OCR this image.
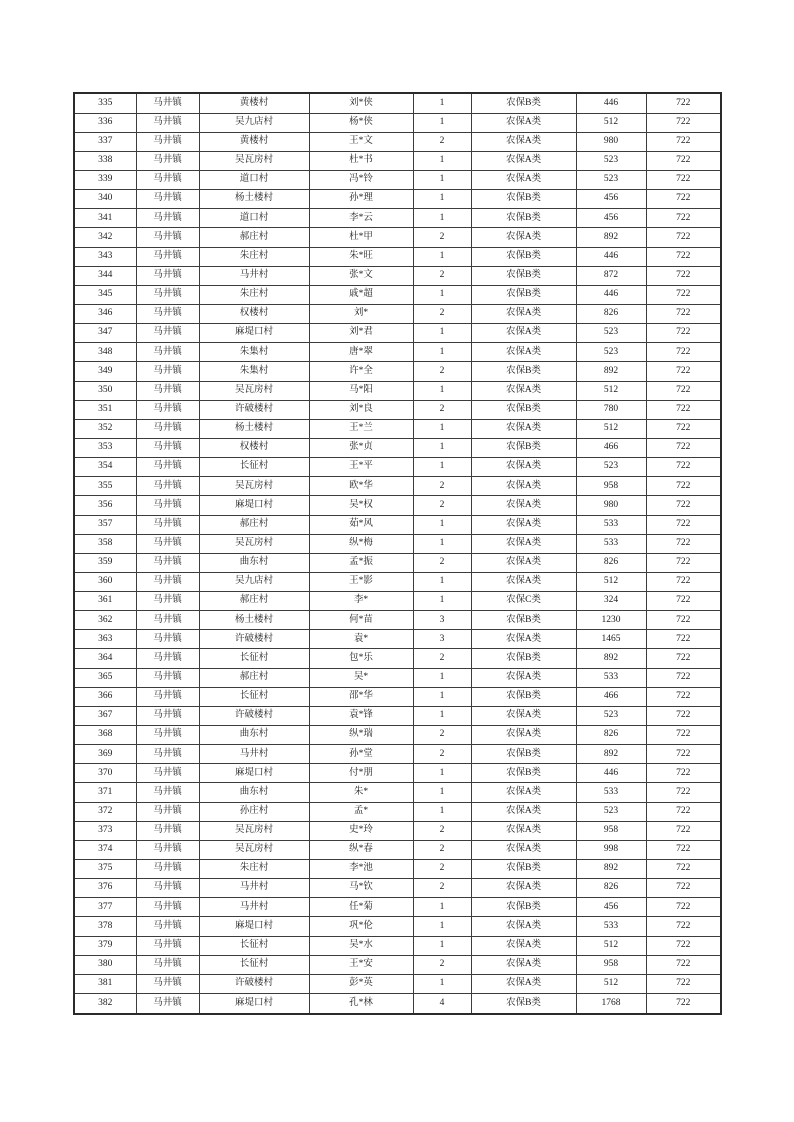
335	马井镇	黄楼村	刘*侠	1	农保B类	446	722
336	马井镇	吴九店村	杨*侠	1	农保A类	512	722
337	马井镇	黄楼村	王*文	2	农保A类	980	722
338	马井镇	吴瓦房村	杜*书	1	农保A类	523	722
339	马井镇	道口村	冯*铃	1	农保A类	523	722
340	马井镇	杨土楼村	孙*理	1	农保B类	456	722
341	马井镇	道口村	李*云	1	农保B类	456	722
342	马井镇	郝庄村	杜*甲	2	农保A类	892	722
343	马井镇	朱庄村	朱*旺	1	农保B类	446	722
344	马井镇	马井村	张*文	2	农保B类	872	722
345	马井镇	朱庄村	戚*超	1	农保B类	446	722
346	马井镇	权楼村	刘*	2	农保A类	826	722
347	马井镇	麻堤口村	刘*君	1	农保A类	523	722
348	马井镇	朱集村	唐*翠	1	农保A类	523	722
349	马井镇	朱集村	许*全	2	农保B类	892	722
350	马井镇	吴瓦房村	马*阳	1	农保A类	512	722
351	马井镇	许破楼村	刘*良	2	农保B类	780	722
352	马井镇	杨土楼村	王*兰	1	农保A类	512	722
353	马井镇	权楼村	张*贞	1	农保B类	466	722
354	马井镇	长征村	王*平	1	农保A类	523	722
355	马井镇	吴瓦房村	欧*华	2	农保A类	958	722
356	马井镇	麻堤口村	吴*权	2	农保A类	980	722
357	马井镇	郝庄村	茹*风	1	农保A类	533	722
358	马井镇	吴瓦房村	纵*梅	1	农保A类	533	722
359	马井镇	曲东村	孟*振	2	农保A类	826	722
360	马井镇	吴九店村	王*影	1	农保A类	512	722
361	马井镇	郝庄村	李*	1	农保C类	324	722
362	马井镇	杨土楼村	何*苗	3	农保B类	1230	722
363	马井镇	许破楼村	袁*	3	农保A类	1465	722
364	马井镇	长征村	包*乐	2	农保B类	892	722
365	马井镇	郝庄村	吴*	1	农保A类	533	722
366	马井镇	长征村	邵*华	1	农保B类	466	722
367	马井镇	许破楼村	袁*锋	1	农保A类	523	722
368	马井镇	曲东村	纵*瑞	2	农保A类	826	722
369	马井镇	马井村	孙*堂	2	农保B类	892	722
370	马井镇	麻堤口村	付*朋	1	农保B类	446	722
371	马井镇	曲东村	朱*	1	农保A类	533	722
372	马井镇	孙庄村	孟*	1	农保A类	523	722
373	马井镇	吴瓦房村	史*玲	2	农保A类	958	722
374	马井镇	吴瓦房村	纵*春	2	农保A类	998	722
375	马井镇	朱庄村	李*池	2	农保B类	892	722
376	马井镇	马井村	马*钦	2	农保A类	826	722
377	马井镇	马井村	任*菊	1	农保B类	456	722
378	马井镇	麻堤口村	巩*伦	1	农保A类	533	722
379	马井镇	长征村	吴*水	1	农保A类	512	722
380	马井镇	长征村	王*安	2	农保A类	958	722
381	马井镇	许破楼村	彭*英	1	农保A类	512	722
382	马井镇	麻堤口村	孔*林	4	农保B类	1768	722
